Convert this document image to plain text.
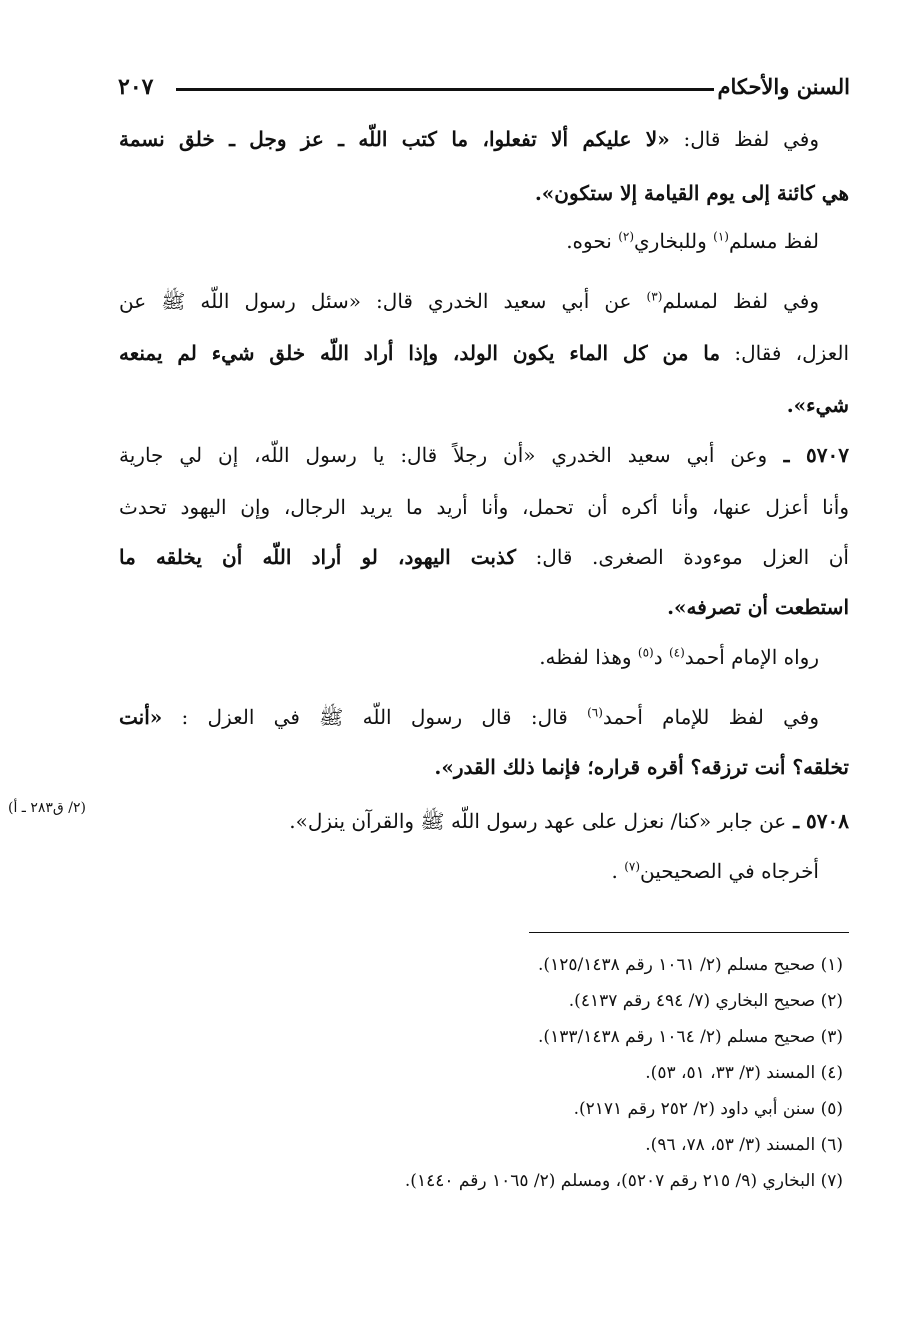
السنن والأحكام
٢٠٧
وفي لفظ قال: «لا عليكم ألا تفعلوا، ما كتب اللّه ـ عز وجل ـ خلق نسمة
هي كائنة إلى يوم القيامة إلا ستكون».
لفظ مسلم$^{(١)}$ وللبخاري$^{(٢)}$ نحوه.
وفي لفظ لمسلم$^{(٣)}$ عن أبي سعيد الخدري قال: «سئل رسول اللّه ﷺ عن
العزل، فقال: ما من كل الماء يكون الولد، وإذا أراد اللّه خلق شيء لم يمنعه
شيء».
٥٧٠٧ ـ وعن أبي سعيد الخدري «أن رجلاً قال: يا رسول اللّه، إن لي جارية
وأنا أعزل عنها، وأنا أكره أن تحمل، وأنا أريد ما يريد الرجال، وإن اليهود تحدث
أن العزل موءودة الصغرى. قال: كذبت اليهود، لو أراد اللّه أن يخلقه ما
استطعت أن تصرفه».
رواه الإمام أحمد$^{(٤)}$ د$^{(٥)}$ وهذا لفظه.
وفي لفظ للإمام أحمد$^{(٦)}$ قال: قال رسول اللّه ﷺ في العزل : «أنت
تخلقه؟ أنت ترزقه؟ أقره قراره؛ فإنما ذلك القدر».
٥٧٠٨ ـ عن جابر «كنا/ نعزل على عهد رسول اللّه ﷺ والقرآن ينزل».
(٢/ ق٢٨٣ ـ أ)
أخرجاه في الصحيحين$^{(٧)}$ .
(١) صحيح مسلم (٢/ ١٠٦١ رقم ١٢٥/١٤٣٨).
(٢) صحيح البخاري (٧/ ٤٩٤ رقم ٤١٣٧).
(٣) صحيح مسلم (٢/ ١٠٦٤ رقم ١٣٣/١٤٣٨).
(٤) المسند (٣/ ٣٣، ٥١، ٥٣).
(٥) سنن أبي داود (٢/ ٢٥٢ رقم ٢١٧١).
(٦) المسند (٣/ ٥٣، ٧٨، ٩٦).
(٧) البخاري (٩/ ٢١٥ رقم ٥٢٠٧)، ومسلم (٢/ ١٠٦٥ رقم ١٤٤٠).
